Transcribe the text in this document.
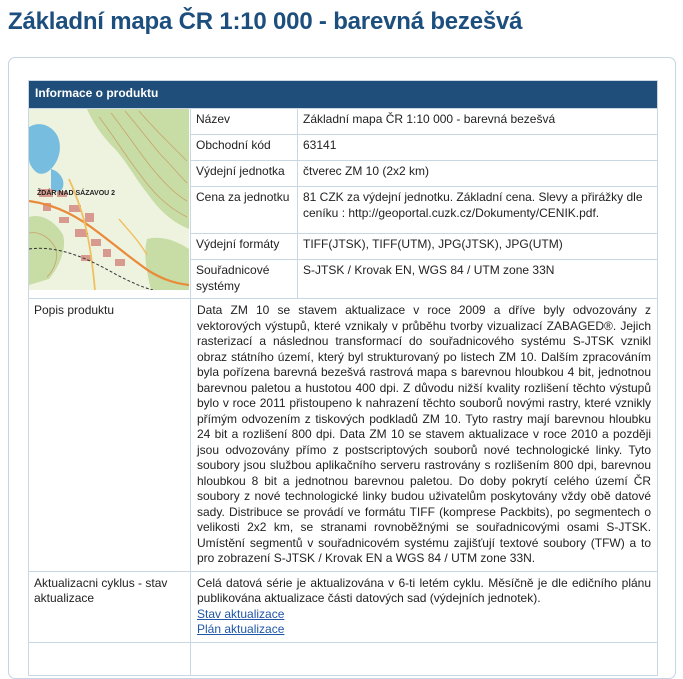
Základní mapa ČR 1:10 000 - barevná bezešvá
Informace o produktu		

ŽDÁR NAD SÁZAVOU 2
·	Název	Základní mapa ČR 1:10 000 - barevná bezešvá
	Obchodní kód	63141
	Výdejní jednotka	čtverec ZM 10 (2x2 km)
	Cena za jednotku	81 CZK za výdejní jednotku. Základní cena. Slevy a přirážky dle ceníku : http://geoportal.cuzk.cz/Dokumenty/CENIK.pdf.
	Výdejní formáty	TIFF(JTSK), TIFF(UTM), JPG(JTSK), JPG(UTM)
	Souřadnicové systémy	S-JTSK / Krovak EN, WGS 84 / UTM zone 33N
Popis produktu	Data ZM 10 se stavem aktualizace v roce 2009 a dříve byly odvozovány z vektorových výstupů, které vznikaly v průběhu tvorby vizualizací ZABAGED®. Jejich rasterizací a následnou transformací do souřadnicového systému S-JTSK vznikl obraz státního území, který byl strukturovaný po listech ZM 10. Dalším zpracováním byla pořízena barevná bezešvá rastrová mapa s barevnou hloubkou 4 bit, jednotnou barevnou paletou a hustotou 400 dpi. Z důvodu nižší kvality rozlišení těchto výstupů bylo v roce 2011 přistoupeno k nahrazení těchto souborů novými rastry, které vznikly přímým odvozením z tiskových podkladů ZM 10. Tyto rastry mají barevnou hloubku 24 bit a rozlišení 800 dpi. Data ZM 10 se stavem aktualizace v roce 2010 a později jsou odvozovány přímo z postscriptových souborů nové technologické linky. Tyto soubory jsou službou aplikačního serveru rastrovány s rozlišením 800 dpi, barevnou hloubkou 8 bit a jednotnou barevnou paletou. Do doby pokrytí celého území ČR soubory z nové technologické linky budou uživatelům poskytovány vždy obě datové sady. Distribuce se provádí ve formátu TIFF (komprese Packbits), po segmentech o velikosti 2x2 km, se stranami rovnoběžnými se souřadnicovými osami S-JTSK. Umístění segmentů v souřadnicovém systému zajišťují textové soubory (TFW) a to pro zobrazení S-JTSK / Krovak EN a WGS 84 / UTM zone 33N.	
Aktualizacni cyklus - stav aktualizace	Celá datová série je aktualizována v 6-ti letém cyklu. Měsíčně je dle edičního plánu publikována aktualizace části datových sad (výdejních jednotek).
Stav aktualizace
Plán aktualizace	
